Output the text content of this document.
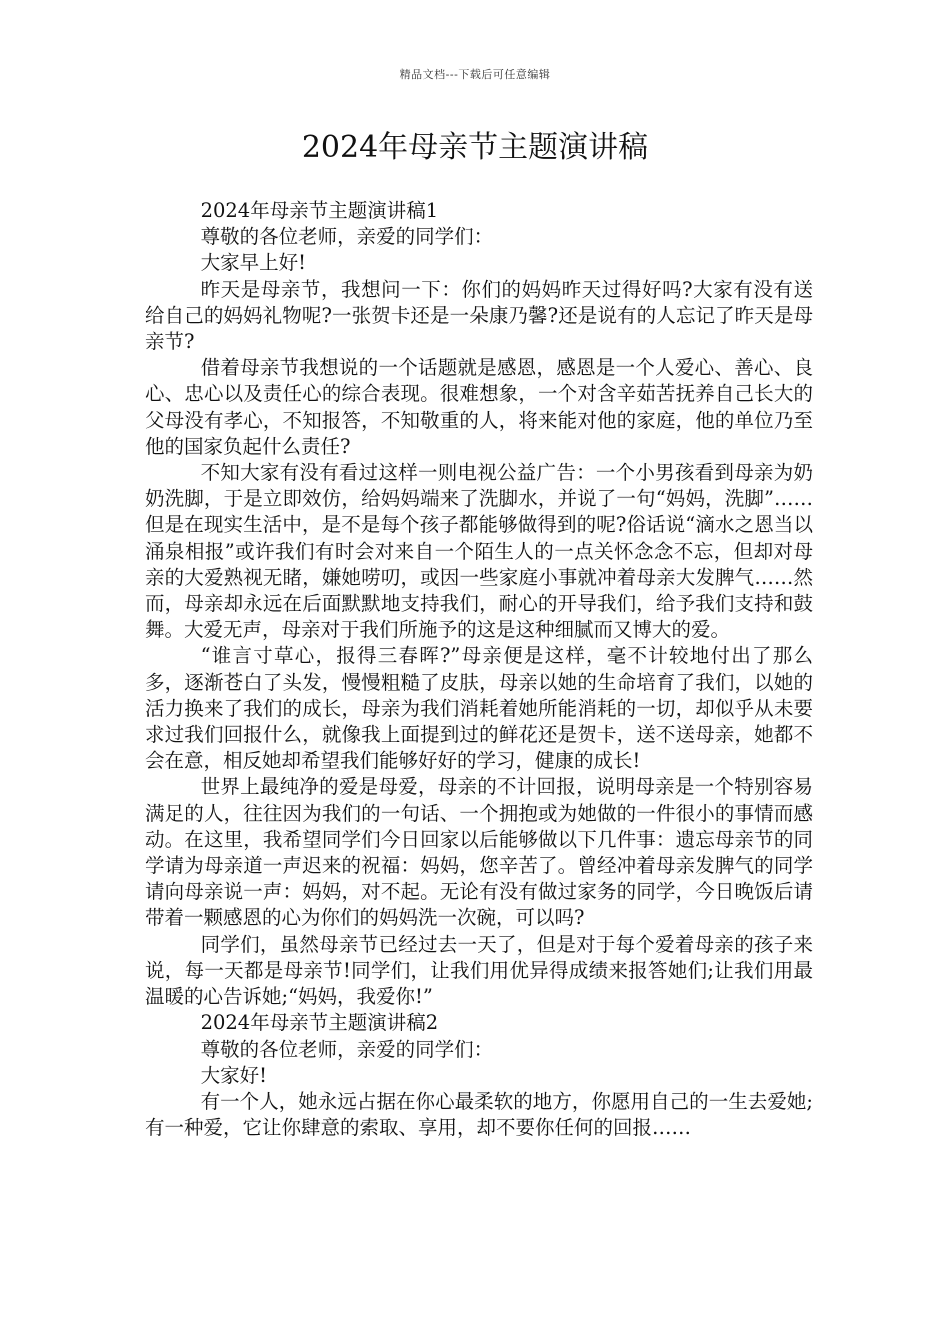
精品文档---下载后可任意编辑
2024年母亲节主题演讲稿

2024年母亲节主题演讲稿1

尊敬的各位老师，亲爱的同学们：

大家早上好!

昨天是母亲节，我想问一下：你们的妈妈昨天过得好吗?大家有没有送给自己的妈妈礼物呢?一张贺卡还是一朵康乃馨?还是说有的人忘记了昨天是母亲节?

借着母亲节我想说的一个话题就是感恩，感恩是一个人爱心、善心、良心、忠心以及责任心的综合表现。很难想象，一个对含辛茹苦抚养自己长大的父母没有孝心，不知报答，不知敬重的人，将来能对他的家庭，他的单位乃至他的国家负起什么责任?

不知大家有没有看过这样一则电视公益广告：一个小男孩看到母亲为奶奶洗脚，于是立即效仿，给妈妈端来了洗脚水，并说了一句“妈妈，洗脚”……但是在现实生活中，是不是每个孩子都能够做得到的呢?俗话说“滴水之恩当以涌泉相报”或许我们有时会对来自一个陌生人的一点关怀念念不忘，但却对母亲的大爱熟视无睹，嫌她唠叨，或因一些家庭小事就冲着母亲大发脾气……然而，母亲却永远在后面默默地支持我们，耐心的开导我们，给予我们支持和鼓舞。大爱无声，母亲对于我们所施予的这是这种细腻而又博大的爱。

“谁言寸草心，报得三春晖?”母亲便是这样，毫不计较地付出了那么多，逐渐苍白了头发，慢慢粗糙了皮肤，母亲以她的生命培育了我们，以她的活力换来了我们的成长，母亲为我们消耗着她所能消耗的一切，却似乎从未要求过我们回报什么，就像我上面提到过的鲜花还是贺卡，送不送母亲，她都不会在意，相反她却希望我们能够好好的学习，健康的成长!

世界上最纯净的爱是母爱，母亲的不计回报，说明母亲是一个特别容易满足的人，往往因为我们的一句话、一个拥抱或为她做的一件很小的事情而感动。在这里，我希望同学们今日回家以后能够做以下几件事：遗忘母亲节的同学请为母亲道一声迟来的祝福：妈妈，您辛苦了。曾经冲着母亲发脾气的同学请向母亲说一声：妈妈，对不起。无论有没有做过家务的同学，今日晚饭后请带着一颗感恩的心为你们的妈妈洗一次碗，可以吗?

同学们，虽然母亲节已经过去一天了，但是对于每个爱着母亲的孩子来说，每一天都是母亲节!同学们，让我们用优异得成绩来报答她们;让我们用最温暖的心告诉她;“妈妈，我爱你!”

2024年母亲节主题演讲稿2

尊敬的各位老师，亲爱的同学们：

大家好!

有一个人，她永远占据在你心最柔软的地方，你愿用自己的一生去爱她;有一种爱，它让你肆意的索取、享用，却不要你任何的回报……
